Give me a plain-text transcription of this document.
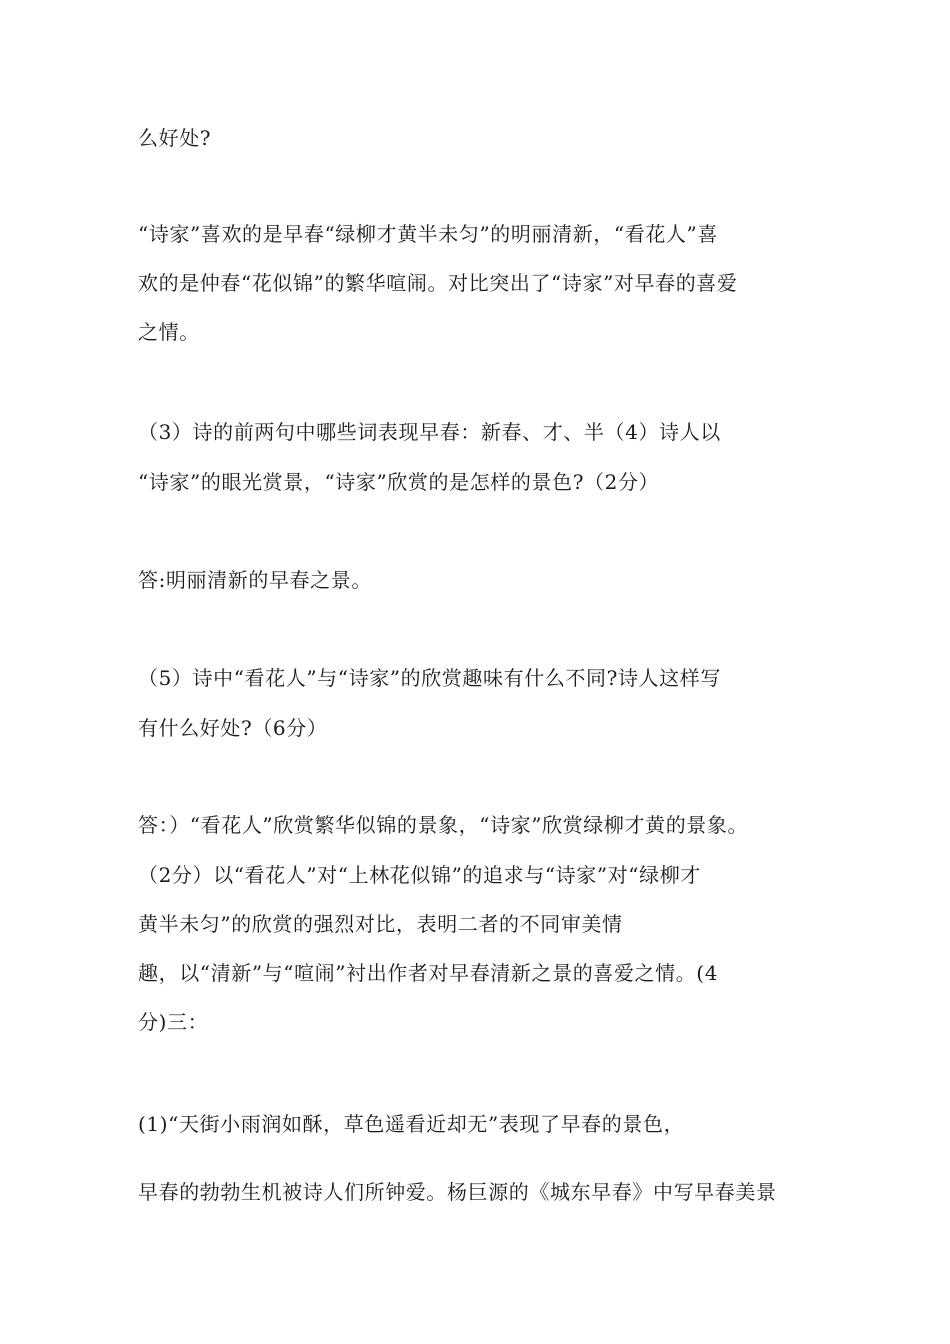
么好处?
“诗家”喜欢的是早春“绿柳才黄半未匀”的明丽清新，“看花人”喜
欢的是仲春“花似锦”的繁华喧闹。对比突出了“诗家”对早春的喜爱
之情。
（3）诗的前两句中哪些词表现早春：新春、才、半（4）诗人以
“诗家”的眼光赏景，“诗家”欣赏的是怎样的景色?（2分）
答:明丽清新的早春之景。
（5）诗中“看花人”与“诗家”的欣赏趣味有什么不同?诗人这样写
有什么好处?（6分）
答：）“看花人”欣赏繁华似锦的景象，“诗家”欣赏绿柳才黄的景象。
（2分）以“看花人”对“上林花似锦”的追求与“诗家”对“绿柳才
黄半未匀”的欣赏的强烈对比，表明二者的不同审美情
趣，以“清新”与“喧闹”衬出作者对早春清新之景的喜爱之情。(4
分)三：
(1)“天街小雨润如酥，草色遥看近却无”表现了早春的景色，
早春的勃勃生机被诗人们所钟爱。杨巨源的《城东早春》中写早春美景
